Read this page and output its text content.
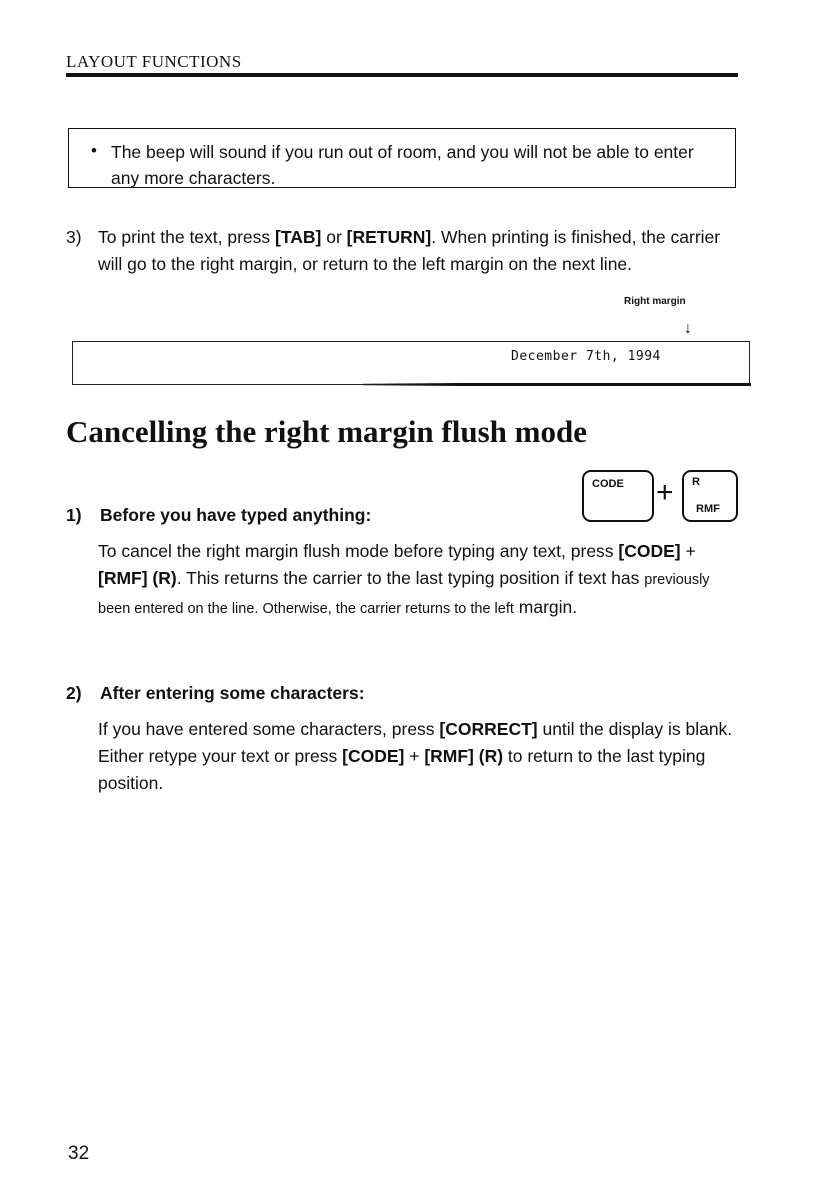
LAYOUT FUNCTIONS
• The beep will sound if you run out of room, and you will not be able to enter any more characters.
3) To print the text, press [TAB] or [RETURN]. When printing is finished, the carrier will go to the right margin, or return to the left margin on the next line.
Right margin
↓
December 7th, 1994
Cancelling the right margin flush mode
CODE + R
RMF
1) Before you have typed anything:
To cancel the right margin flush mode before typing any text, press [CODE] + [RMF] (R). This returns the carrier to the last typing position if text has previously been entered on the line. Otherwise, the carrier returns to the left margin.
2) After entering some characters:
If you have entered some characters, press [CORRECT] until the display is blank. Either retype your text or press [CODE] + [RMF] (R) to return to the last typing position.
32
